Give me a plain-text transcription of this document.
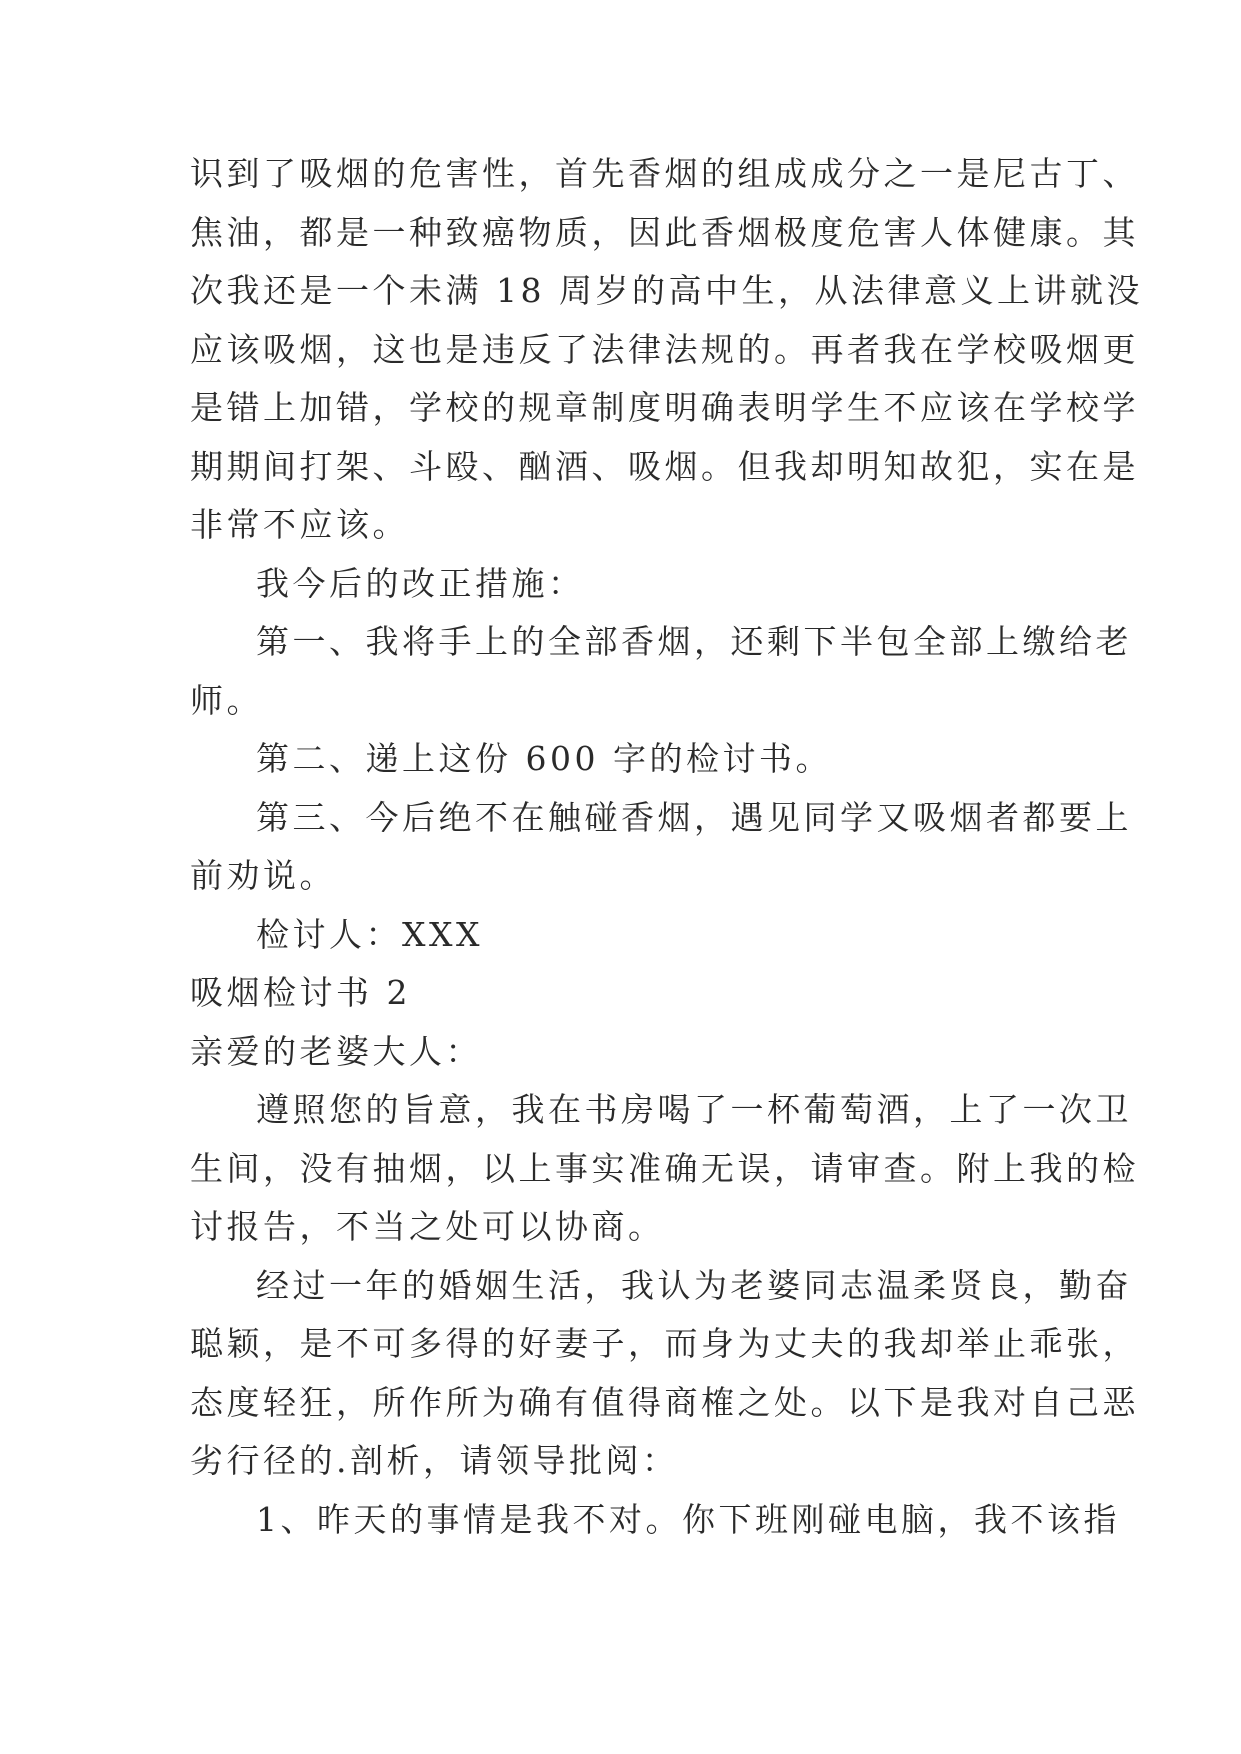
识到了吸烟的危害性，首先香烟的组成成分之一是尼古丁、
焦油，都是一种致癌物质，因此香烟极度危害人体健康。其
次我还是一个未满 18 周岁的高中生，从法律意义上讲就没
应该吸烟，这也是违反了法律法规的。再者我在学校吸烟更
是错上加错，学校的规章制度明确表明学生不应该在学校学
期期间打架、斗殴、酗酒、吸烟。但我却明知故犯，实在是
非常不应该。
我今后的改正措施：
第一、我将手上的全部香烟，还剩下半包全部上缴给老
师。
第二、递上这份 600 字的检讨书。
第三、今后绝不在触碰香烟，遇见同学又吸烟者都要上
前劝说。
检讨人：XXX
吸烟检讨书 2
亲爱的老婆大人：
遵照您的旨意，我在书房喝了一杯葡萄酒，上了一次卫
生间，没有抽烟，以上事实准确无误，请审查。附上我的检
讨报告，不当之处可以协商。
经过一年的婚姻生活，我认为老婆同志温柔贤良，勤奋
聪颖，是不可多得的好妻子，而身为丈夫的我却举止乖张，
态度轻狂，所作所为确有值得商榷之处。以下是我对自己恶
劣行径的.剖析，请领导批阅：
1、昨天的事情是我不对。你下班刚碰电脑，我不该指
